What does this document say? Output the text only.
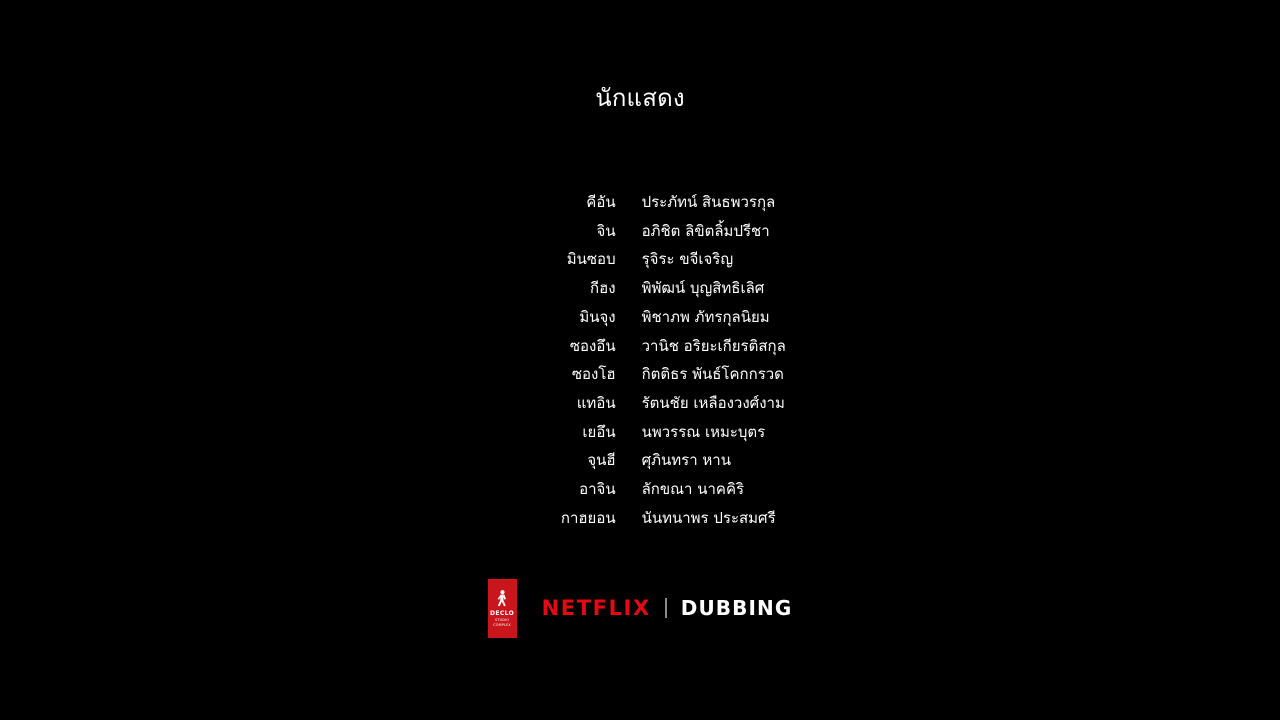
นักแสดง
คีอัน	ประภัทน์ สินธพวรกุล
จิน	อภิชิต ลิขิตลิ้มปรีชา
มินซอบ	รุจิระ ขจีเจริญ
กีฮง	พิพัฒน์ บุญสิทธิเลิศ
มินจุง	พิชาภพ ภัทรกุลนิยม
ซองอึน	วานิช อริยะเกียรติสกุล
ซองโฮ	กิตติธร พันธ์โคกกรวด
แทอิน	รัตนชัย เหลืองวงศ์งาม
เยอึน	นพวรรณ เหมะบุตร
จุนฮี	ศุภินทรา หาน
อาจิน	ลักขณา นาคคิริ
กาฮยอน	นันทนาพร ประสมศรี
DECLO
STUDIO COMPLEX
NETFLIX DUBBING
